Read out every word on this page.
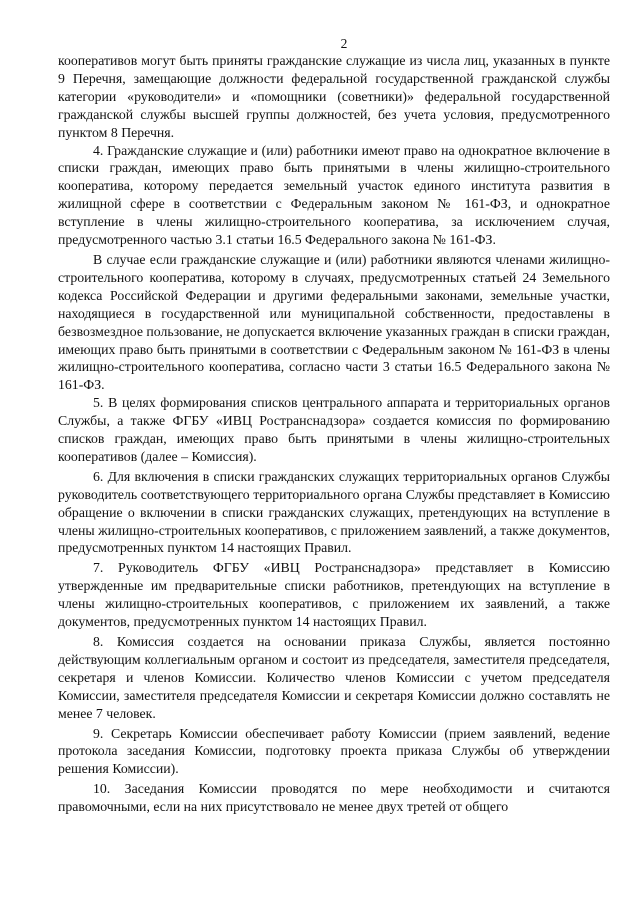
2

кооперативов могут быть приняты гражданские служащие из числа лиц, указанных в пункте 9 Перечня, замещающие должности федеральной государственной гражданской службы категории «руководители» и «помощники (советники)» федеральной государственной гражданской службы высшей группы должностей, без учета условия, предусмотренного пунктом 8 Перечня.

4. Гражданские служащие и (или) работники имеют право на однократное включение в списки граждан, имеющих право быть принятыми в члены жилищно-строительного кооператива, которому передается земельный участок единого института развития в жилищной сфере в соответствии с Федеральным законом № 161-ФЗ, и однократное вступление в члены жилищно-строительного кооператива, за исключением случая, предусмотренного частью 3.1 статьи 16.5 Федерального закона № 161-ФЗ.

В случае если гражданские служащие и (или) работники являются членами жилищно-строительного кооператива, которому в случаях, предусмотренных статьей 24 Земельного кодекса Российской Федерации и другими федеральными законами, земельные участки, находящиеся в государственной или муниципальной собственности, предоставлены в безвозмездное пользование, не допускается включение указанных граждан в списки граждан, имеющих право быть принятыми в соответствии с Федеральным законом № 161-ФЗ в члены жилищно-строительного кооператива, согласно части 3 статьи 16.5 Федерального закона № 161-ФЗ.

5. В целях формирования списков центрального аппарата и территориальных органов Службы, а также ФГБУ «ИВЦ Ространснадзора» создается комиссия по формированию списков граждан, имеющих право быть принятыми в члены жилищно-строительных кооперативов (далее – Комиссия).

6. Для включения в списки гражданских служащих территориальных органов Службы руководитель соответствующего территориального органа Службы представляет в Комиссию обращение о включении в списки гражданских служащих, претендующих на вступление в члены жилищно-строительных кооперативов, с приложением заявлений, а также документов, предусмотренных пунктом 14 настоящих Правил.

7. Руководитель ФГБУ «ИВЦ Ространснадзора» представляет в Комиссию утвержденные им предварительные списки работников, претендующих на вступление в члены жилищно-строительных кооперативов, с приложением их заявлений, а также документов, предусмотренных пунктом 14 настоящих Правил.

8. Комиссия создается на основании приказа Службы, является постоянно действующим коллегиальным органом и состоит из председателя, заместителя председателя, секретаря и членов Комиссии. Количество членов Комиссии с учетом председателя Комиссии, заместителя председателя Комиссии и секретаря Комиссии должно составлять не менее 7 человек.

9. Секретарь Комиссии обеспечивает работу Комиссии (прием заявлений, ведение протокола заседания Комиссии, подготовку проекта приказа Службы об утверждении решения Комиссии).

10. Заседания Комиссии проводятся по мере необходимости и считаются правомочными, если на них присутствовало не менее двух третей от общего
